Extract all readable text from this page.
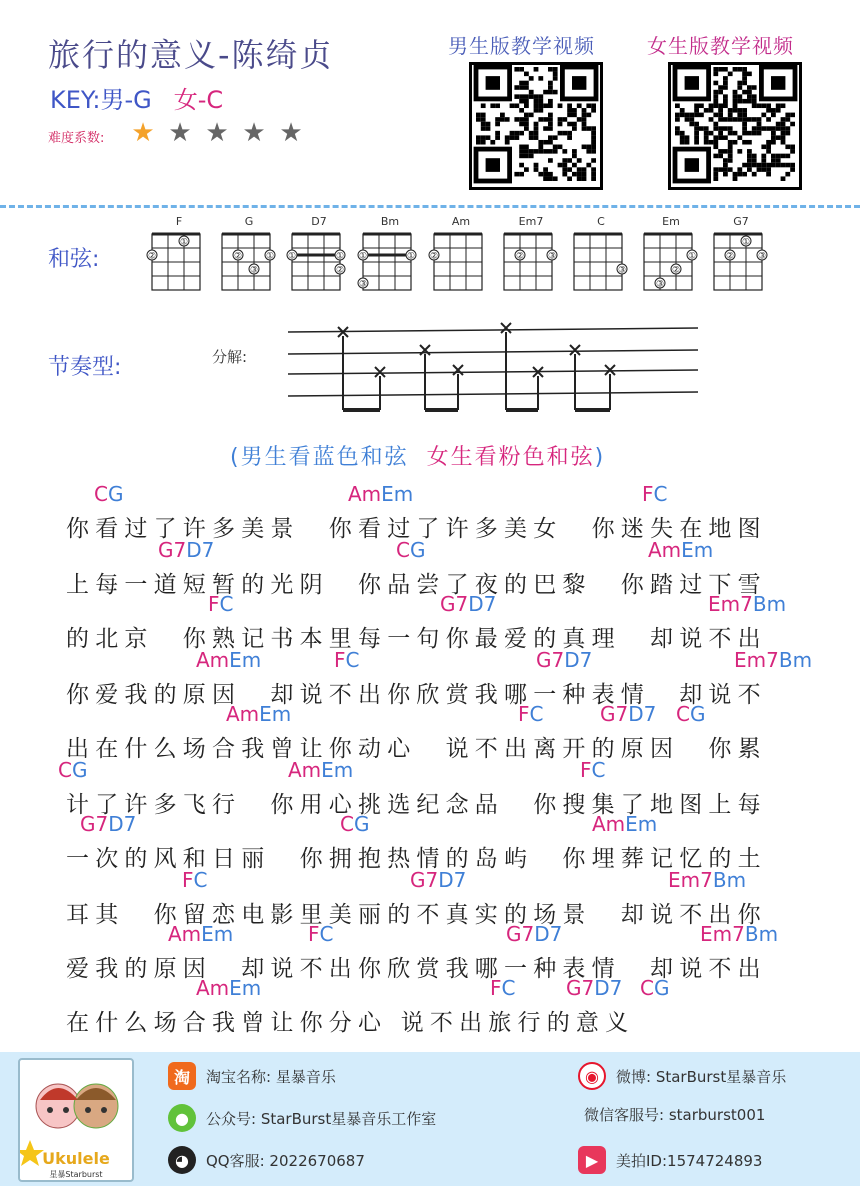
旅行的意义-陈绮贞
KEY:男-G 女-C
难度系数: ★ ★ ★ ★ ★
男生版教学视频	女生版教学视频
和弦:
F
②
①
G
②
③
①
D7
①	①
②
Bm
①	①
③
Am
②
Em7
②	③
C
③
Em
③
②
①
G7
②
①
③
节奏型:	分解:
(男生看蓝色和弦 女生看粉色和弦)
你看过了许多美景　你看过了许多美女　你迷失在地图
CG	AmEm	FC
上每一道短暂的光阴　你品尝了夜的巴黎　你踏过下雪
G7D7	CG	AmEm
的北京　你熟记书本里每一句你最爱的真理　却说不出
FC	G7D7	Em7Bm
你爱我的原因　却说不出你欣赏我哪一种表情　却说不
AmEm	FC	G7D7	Em7Bm
出在什么场合我曾让你动心　说不出离开的原因　你累
AmEm	FC	G7D7 CG
计了许多飞行　你用心挑选纪念品　你搜集了地图上每
CG	AmEm	FC
一次的风和日丽　你拥抱热情的岛屿　你埋葬记忆的土
G7D7	CG	AmEm
耳其　你留恋电影里美丽的不真实的场景　却说不出你
FC	G7D7	Em7Bm
爱我的原因　却说不出你欣赏我哪一种表情　却说不出
AmEm	FC	G7D7	Em7Bm
在什么场合我曾让你分心 说不出旅行的意义
AmEm	FC	G7D7 CG
Ukulele
星暴Starburst
淘	淘宝名称: 星暴音乐	◉	微博: StarBurst星暴音乐
●	公众号: StarBurst星暴音乐工作室	微信客服号: starburst001
◕	QQ客服: 2022670687	▶	美拍ID:1574724893
